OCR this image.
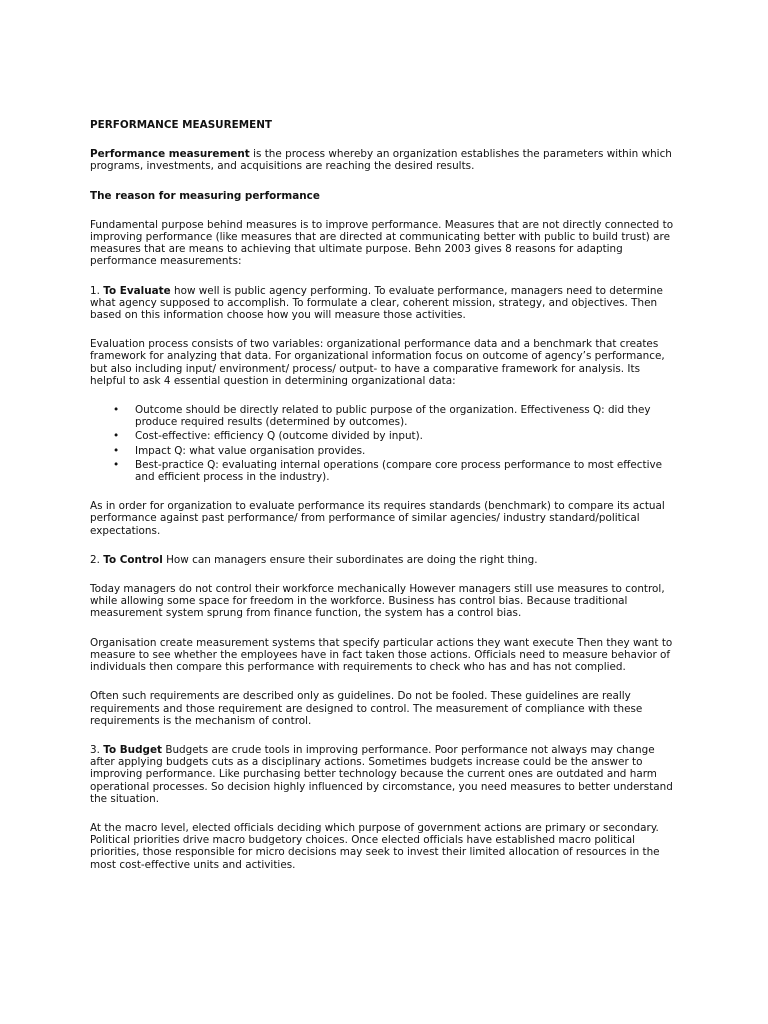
PERFORMANCE MEASUREMENT

Performance measurement is the process whereby an organization establishes the parameters within which programs, investments, and acquisitions are reaching the desired results.

The reason for measuring performance

Fundamental purpose behind measures is to improve performance. Measures that are not directly connected to improving performance (like measures that are directed at communicating better with public to build trust) are measures that are means to achieving that ultimate purpose. Behn 2003 gives 8 reasons for adapting performance measurements:

1. To Evaluate how well is public agency performing. To evaluate performance, managers need to determine what agency supposed to accomplish. To formulate a clear, coherent mission, strategy, and objectives. Then based on this information choose how you will measure those activities.

Evaluation process consists of two variables: organizational performance data and a benchmark that creates framework for analyzing that data. For organizational information focus on outcome of agency’s performance, but also including input/ environment/ process/ output- to have a comparative framework for analysis. Its helpful to ask 4 essential question in determining organizational data:

• Outcome should be directly related to public purpose of the organization. Effectiveness Q: did they produce required results (determined by outcomes).
• Cost-effective: efficiency Q (outcome divided by input).
• Impact Q: what value organisation provides.
• Best-practice Q: evaluating internal operations (compare core process performance to most effective and efficient process in the industry).

As in order for organization to evaluate performance its requires standards (benchmark) to compare its actual performance against past performance/ from performance of similar agencies/ industry standard/political expectations.

2. To Control How can managers ensure their subordinates are doing the right thing.

Today managers do not control their workforce mechanically However managers still use measures to control, while allowing some space for freedom in the workforce. Business has control bias. Because traditional measurement system sprung from finance function, the system has a control bias.

Organisation create measurement systems that specify particular actions they want execute Then they want to measure to see whether the employees have in fact taken those actions. Officials need to measure behavior of individuals then compare this performance with requirements to check who has and has not complied.

Often such requirements are described only as guidelines. Do not be fooled. These guidelines are really requirements and those requirement are designed to control. The measurement of compliance with these requirements is the mechanism of control.

3. To Budget Budgets are crude tools in improving performance. Poor performance not always may change after applying budgets cuts as a disciplinary actions. Sometimes budgets increase could be the answer to improving performance. Like purchasing better technology because the current ones are outdated and harm operational processes. So decision highly influenced by circomstance, you need measures to better understand the situation.

At the macro level, elected officials deciding which purpose of government actions are primary or secondary. Political priorities drive macro budgetory choices. Once elected officials have established macro political priorities, those responsible for micro decisions may seek to invest their limited allocation of resources in the most cost-effective units and activities.
